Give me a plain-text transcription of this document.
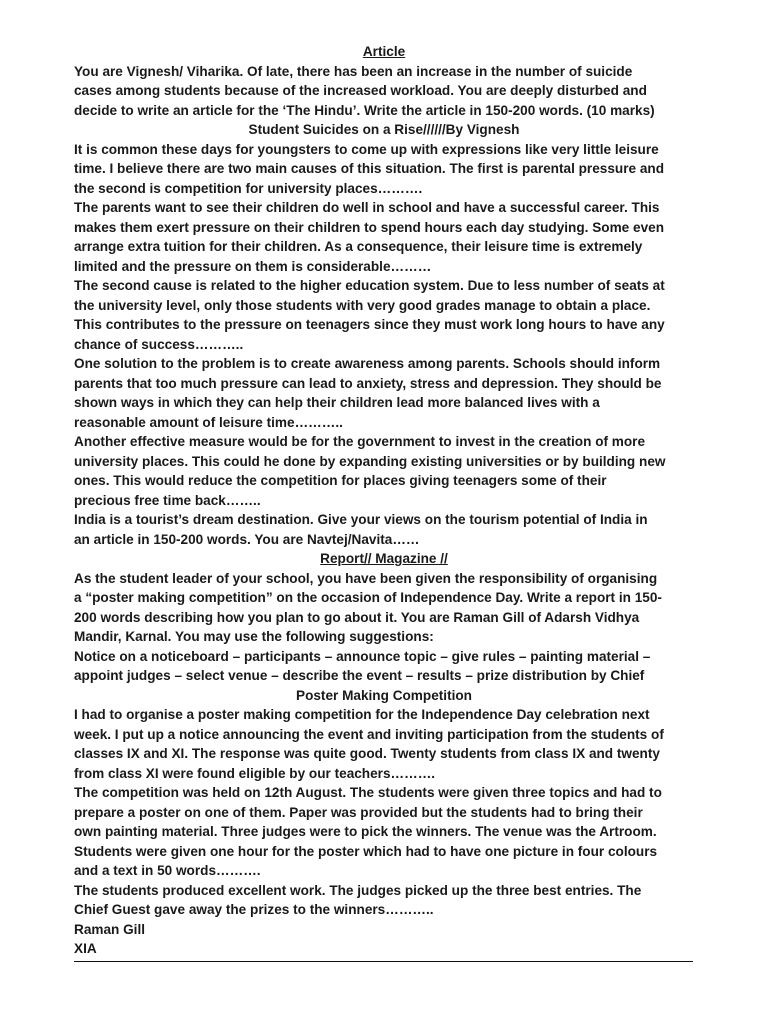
Article

You are Vignesh/ Viharika. Of late, there has been an increase in the number of suicide
cases among students because of the increased workload. You are deeply disturbed and
decide to write an article for the ‘The Hindu’. Write the article in 150-200 words. (10 marks)

Student Suicides on a Rise//////By Vignesh

It is common these days for youngsters to come up with expressions like very little leisure
time. I believe there are two main causes of this situation. The first is parental pressure and
the second is competition for university places……….

The parents want to see their children do well in school and have a successful career. This
makes them exert pressure on their children to spend hours each day studying. Some even
arrange extra tuition for their children. As a consequence, their leisure time is extremely
limited and the pressure on them is considerable………

The second cause is related to the higher education system. Due to less number of seats at
the university level, only those students with very good grades manage to obtain a place.
This contributes to the pressure on teenagers since they must work long hours to have any
chance of success………..

One solution to the problem is to create awareness among parents. Schools should inform
parents that too much pressure can lead to anxiety, stress and depression. They should be
shown ways in which they can help their children lead more balanced lives with a
reasonable amount of leisure time………..

Another effective measure would be for the government to invest in the creation of more
university places. This could he done by expanding existing universities or by building new
ones. This would reduce the competition for places giving teenagers some of their
precious free time back……..

India is a tourist’s dream destination. Give your views on the tourism potential of India in
an article in 150-200 words. You are Navtej/Navita……

Report// Magazine //

As the student leader of your school, you have been given the responsibility of organising
a “poster making competition” on the occasion of Independence Day. Write a report in 150-
200 words describing how you plan to go about it. You are Raman Gill of Adarsh Vidhya
Mandir, Karnal. You may use the following suggestions:
Notice on a noticeboard – participants – announce topic – give rules – painting material –
appoint judges – select venue – describe the event – results – prize distribution by Chief

Poster Making Competition

I had to organise a poster making competition for the Independence Day celebration next
week. I put up a notice announcing the event and inviting participation from the students of
classes IX and XI. The response was quite good. Twenty students from class IX and twenty
from class XI were found eligible by our teachers……….

The competition was held on 12th August. The students were given three topics and had to
prepare a poster on one of them. Paper was provided but the students had to bring their
own painting material. Three judges were to pick the winners. The venue was the Artroom.
Students were given one hour for the poster which had to have one picture in four colours
and a text in 50 words……….

The students produced excellent work. The judges picked up the three best entries. The
Chief Guest gave away the prizes to the winners………..

Raman Gill

XIA
